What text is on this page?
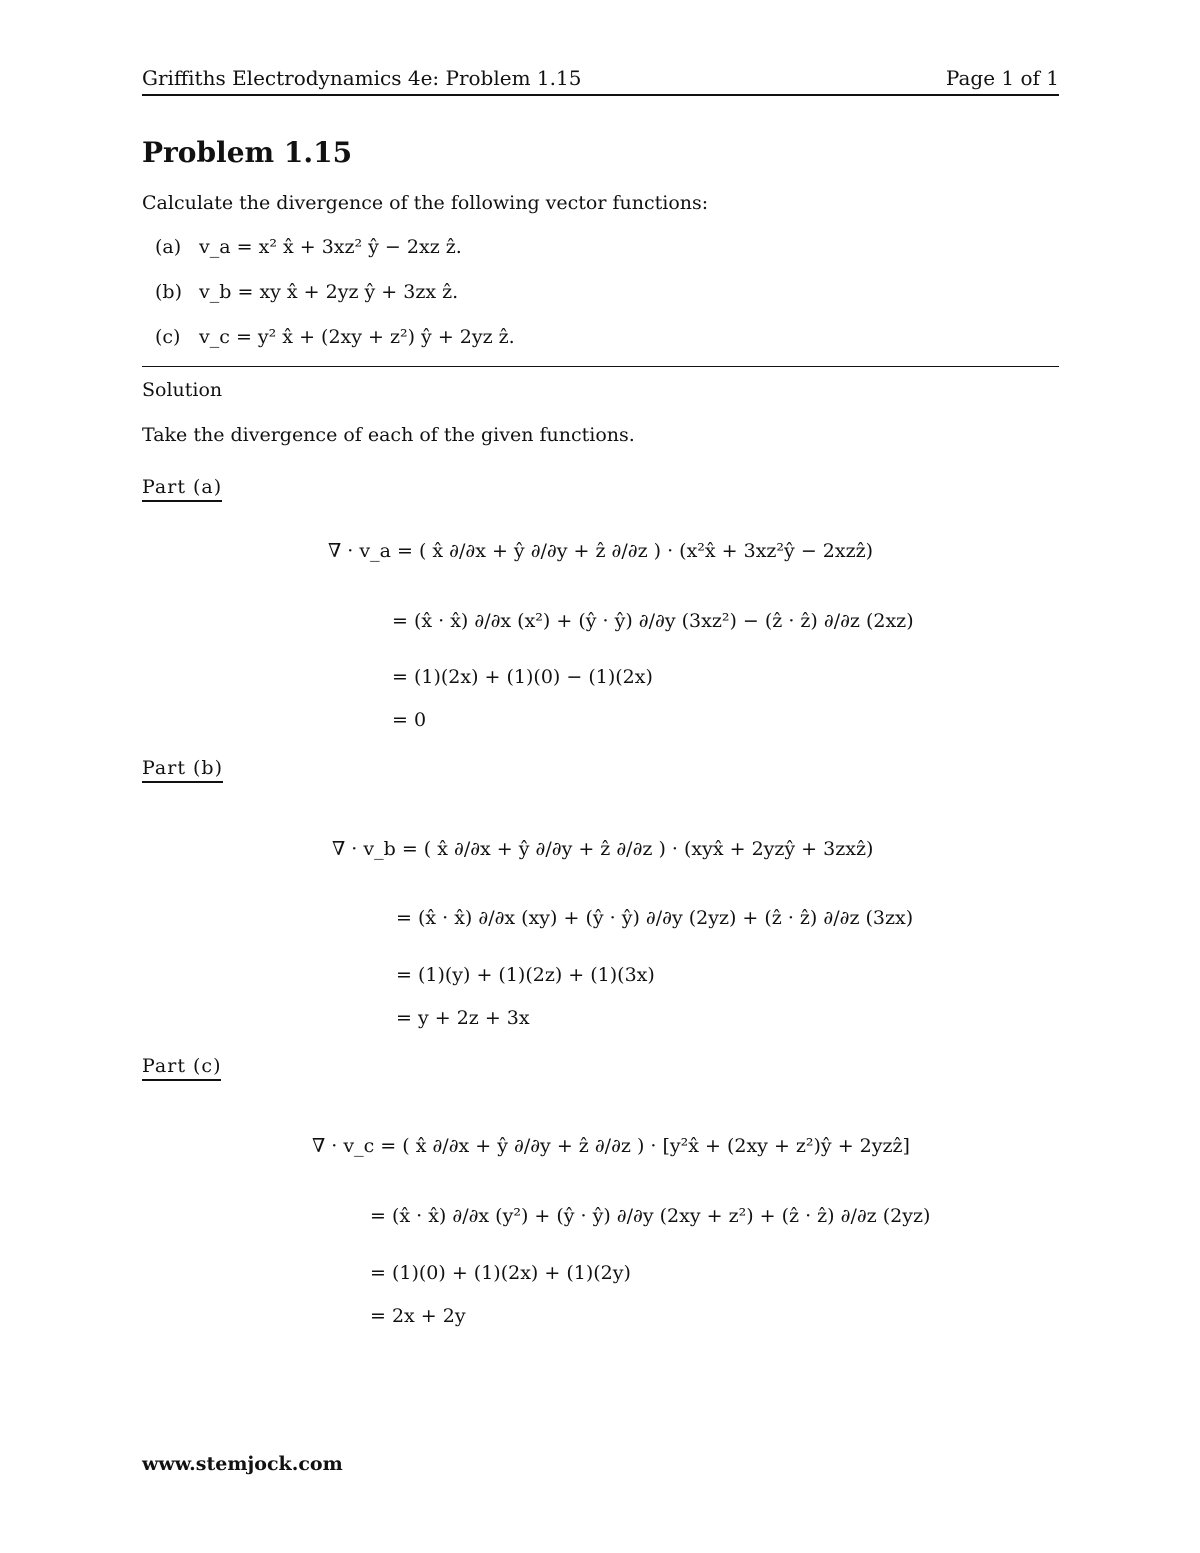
Griffiths Electrodynamics 4e: Problem 1.15	Page 1 of 1
Problem 1.15
Calculate the divergence of the following vector functions:
(a) v_a = x² x̂ + 3xz² ŷ − 2xz ẑ.
(b) v_b = xy x̂ + 2yz ŷ + 3zx ẑ.
(c) v_c = y² x̂ + (2xy + z²) ŷ + 2yz ẑ.
Solution
Take the divergence of each of the given functions.
Part (a)
∇ · v_a = ( x̂ ∂/∂x + ŷ ∂/∂y + ẑ ∂/∂z ) · (x²x̂ + 3xz²ŷ − 2xzẑ)
= (x̂ · x̂) ∂/∂x (x²) + (ŷ · ŷ) ∂/∂y (3xz²) − (ẑ · ẑ) ∂/∂z (2xz)
= (1)(2x) + (1)(0) − (1)(2x)
= 0
Part (b)
∇ · v_b = ( x̂ ∂/∂x + ŷ ∂/∂y + ẑ ∂/∂z ) · (xyx̂ + 2yzŷ + 3zxẑ)
= (x̂ · x̂) ∂/∂x (xy) + (ŷ · ŷ) ∂/∂y (2yz) + (ẑ · ẑ) ∂/∂z (3zx)
= (1)(y) + (1)(2z) + (1)(3x)
= y + 2z + 3x
Part (c)
∇ · v_c = ( x̂ ∂/∂x + ŷ ∂/∂y + ẑ ∂/∂z ) · [y²x̂ + (2xy + z²)ŷ + 2yzẑ]
= (x̂ · x̂) ∂/∂x (y²) + (ŷ · ŷ) ∂/∂y (2xy + z²) + (ẑ · ẑ) ∂/∂z (2yz)
= (1)(0) + (1)(2x) + (1)(2y)
= 2x + 2y
www.stemjock.com
